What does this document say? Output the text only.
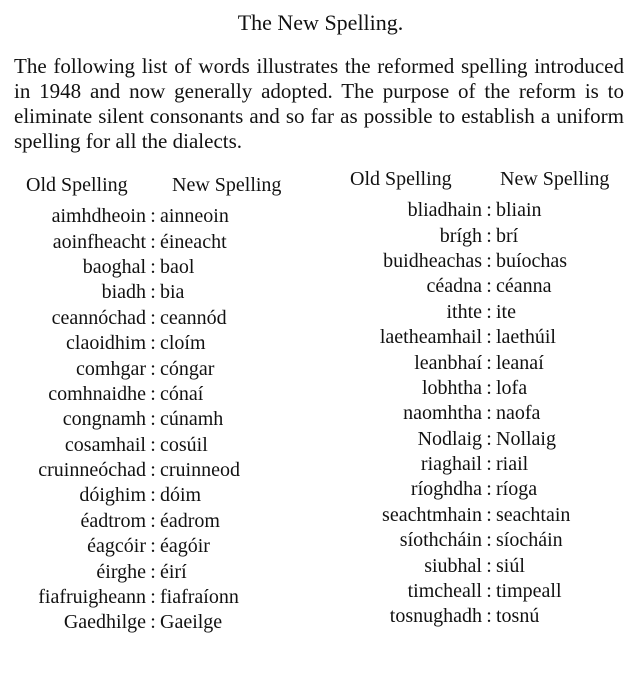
The New Spelling.
The following list of words illustrates the reformed spelling introduced in 1948 and now generally adopted. The purpose of the reform is to eliminate silent consonants and so far as possible to establish a uniform spelling for all the dialects.
Old Spelling	New Spelling
aimhdheoin : ainneoin
aoinfheacht : éineacht
baoghal : baol
biadh : bia
ceannóchad : ceannód
claoidhim : cloím
comhgar : cóngar
comhnaidhe : cónaí
congnamh : cúnamh
cosamhail : cosúil
cruinneóchad : cruinneod
dóighim : dóim
éadtrom : éadrom
éagcóir : éagóir
éirghe : éirí
fiafruigheann : fiafraíonn
Gaedhilge : Gaeilge
Old Spelling	New Spelling
bliadhain : bliain
brígh : brí
buidheachas : buíochas
céadna : céanna
ithte : ite
laetheamhail : laethúil
leanbhaí : leanaí
lobhtha : lofa
naomhtha : naofa
Nodlaig : Nollaig
riaghail : riail
ríoghdha : ríoga
seachtmhain : seachtain
síothcháin : síocháin
siubhal : siúl
timcheall : timpeall
tosnughadh : tosnú
